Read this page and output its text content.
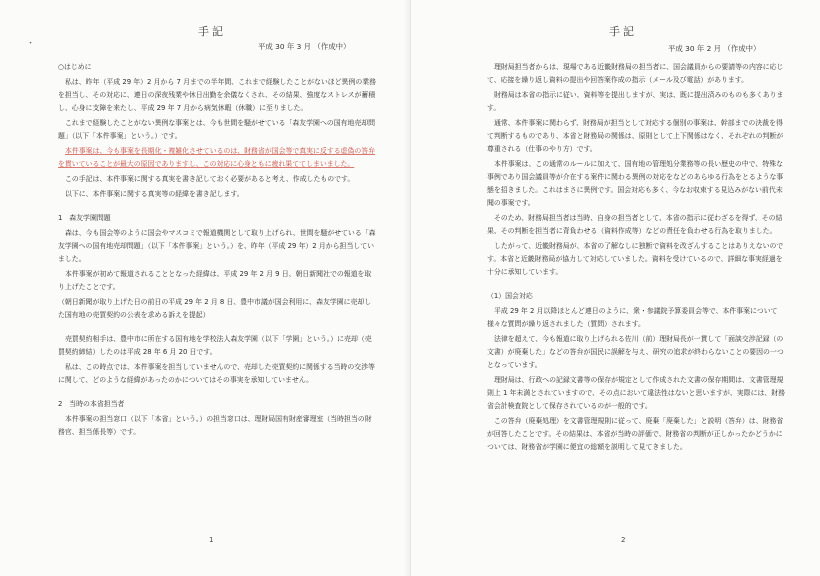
・
手記
平成 30 年 3 月 （作成中）

○はじめに

私は、昨年（平成 29 年）2 月から 7 月までの半年間、これまで経験したことがないほど異例の業務を担当し、その対応に、連日の深夜残業や休日出勤を余儀なくされ、その結果、強度なストレスが蓄積し、心身に支障を来たし、平成 29 年 7 月から病気休暇（休職）に至りました。

これまで経験したことがない異例な事案とは、今も世間を騒がせている「森友学園への国有地売却問題」（以下「本件事案」という。）です。

本件事案は、今も事案を長期化・複雑化させているのは、財務省が国会等で真実に反する虚偽の答弁を貫いていることが最大の原因でありますし、この対応に心身ともに疲れ果ててしまいました。

この手記は、本件事案に関する真実を書き記しておく必要があると考え、作成したものです。

以下に、本件事案に関する真実等の経緯を書き記します。

1　森友学園問題

森は、今も国会等のように国会やマスコミで報道機関として取り上げられ、世間を騒がせている「森友学園への国有地売却問題」（以下「本件事案」という。）を、昨年（平成 29 年）2 月から担当していました。

本件事案が初めて報道されることとなった経緯は、平成 29 年 2 月 9 日、朝日新聞社での報道を取り上げたことです。

（朝日新聞が取り上げた日の前日の平成 29 年 2 月 8 日、豊中市議が国会利用に、森友学園に売却した国有地の売買契約の公表を求める訴えを提起）

売買契約相手は、豊中市に所在する国有地を学校法人森友学園（以下「学園」という。）に売却（売買契約締結）したのは平成 28 年 6 月 20 日です。

私は、この時点では、本件事案を担当していませんので、売却した売買契約に関係する当時の交渉等に関して、どのような経緯があったのかについてはその事実を承知していません。

2　当時の本省担当者

本件事案の担当窓口（以下「本省」という。）の担当窓口は、理財局国有財産審理室（当時担当の財務官、担当係長等）です。

1
手記
平成 30 年 2 月 （作成中）

理財局担当者からは、現場である近畿財務局の担当者に、国会議員からの要請等の内容に応じて、応接を繰り返し資料の提出や回答案作成の指示（メール及び電話）があります。

財務局は本省の指示に従い、資料等を提出しますが、実は、既に提出済みのものも多くあります。

通常、本件事案に関わらず、財務局が担当として対応する個別の事案は、幹部までの決裁を得て判断するものであり、本省と財務局の関係は、原則として上下関係はなく、それぞれの判断が尊重される（仕事のやり方）です。

本件事案は、この通常のルールに加えて、国有地の管理処分業務等の長い歴史の中で、特殊な事例であり国会議員等が介在する案件に関わる異例の対応をなどのあらゆる行為をとるような事態を招きました。これはまさに異例です。国会対応も多く、今なお収束する見込みがない前代未聞の事案です。

そのため、財務局担当者は当時、自身の担当者として、本省の指示に従わざるを得ず、その結果、その判断を担当者に背負わせる（資料作成等）などの責任を負わせる行為を取りました。

したがって、近畿財務局が、本省の了解なしに独断で資料を改ざんすることはありえないのです。本省と近畿財務局が協力して対応していました。資料を受けているので、詳細な事実経過を十分に承知しています。

（1）国会対応

平成 29 年 2 月以降ほとんど連日のように、衆・参議院予算委員会等で、本件事案について様々な質問が繰り返されました（質問）されます。

法律を超えて、今も報道に取り上げられる佐川（前）理財局長が一貫して「面談交渉記録（の文書）が廃棄した」などの答弁が国民に誤解を与え、研究の追求が終わらないことの要因の一つとなっています。

理財局は、行政への記録文書等の保存が規定として作成された文書の保存期間は、文書管理規則上 1 年未満とされていますので、その点において違法性はないと思いますが、実際には、財務省会計検査院として保存されているのが一般的です。

この答弁（廃棄処理）を文書管理規則に従って、廃棄「廃棄した」と説明（答弁）は、財務省が回答したことです。その結果は、本省が当時の評価で、財務省の判断が正しかったかどうかについては、財務省が学園に便宜の総額を説明して見てきました。

2
